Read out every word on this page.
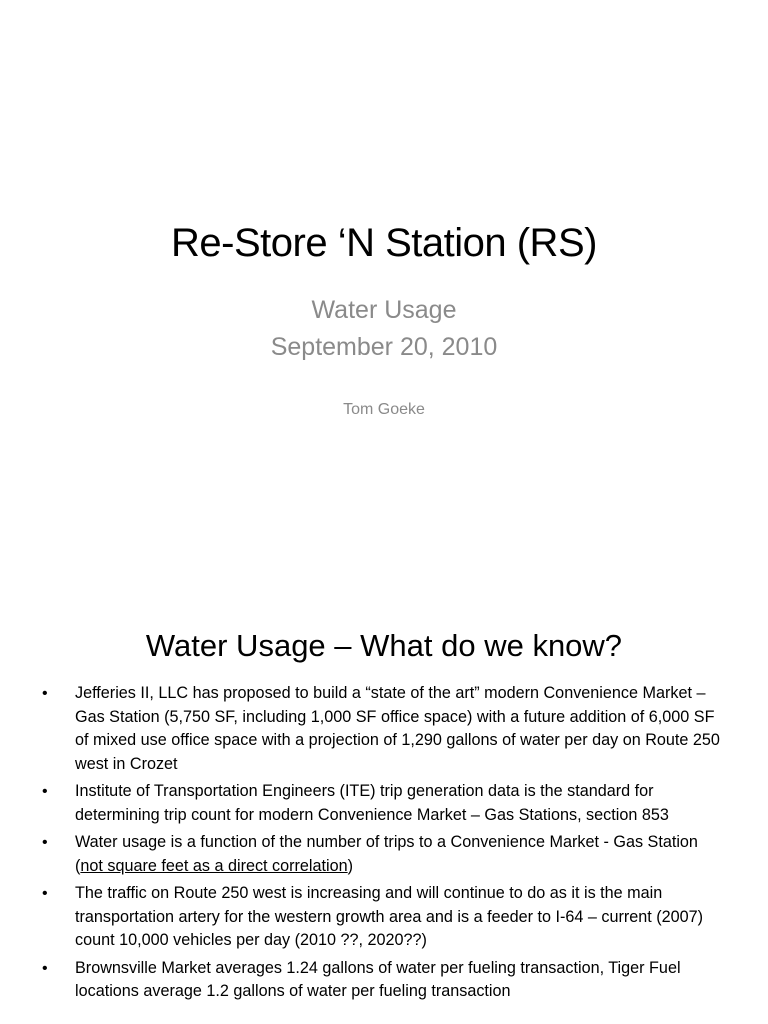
Re-Store ‘N Station (RS)
Water Usage
September 20, 2010
Tom Goeke
Water Usage – What do we know?
• Jefferies II, LLC has proposed to build a “state of the art” modern Convenience Market – Gas Station (5,750 SF, including 1,000 SF office space) with a future addition of 6,000 SF of mixed use office space with a projection of 1,290 gallons of water per day on Route 250 west in Crozet
• Institute of Transportation Engineers (ITE) trip generation data is the standard for determining trip count for modern Convenience Market – Gas Stations, section 853
• Water usage is a function of the number of trips to a Convenience Market - Gas Station (not square feet as a direct correlation)
• The traffic on Route 250 west is increasing and will continue to do as it is the main transportation artery for the western growth area and is a feeder to I-64 – current (2007) count 10,000 vehicles per day (2010 ??, 2020??)
• Brownsville Market averages 1.24 gallons of water per fueling transaction, Tiger Fuel locations average 1.2 gallons of water per fueling transaction
